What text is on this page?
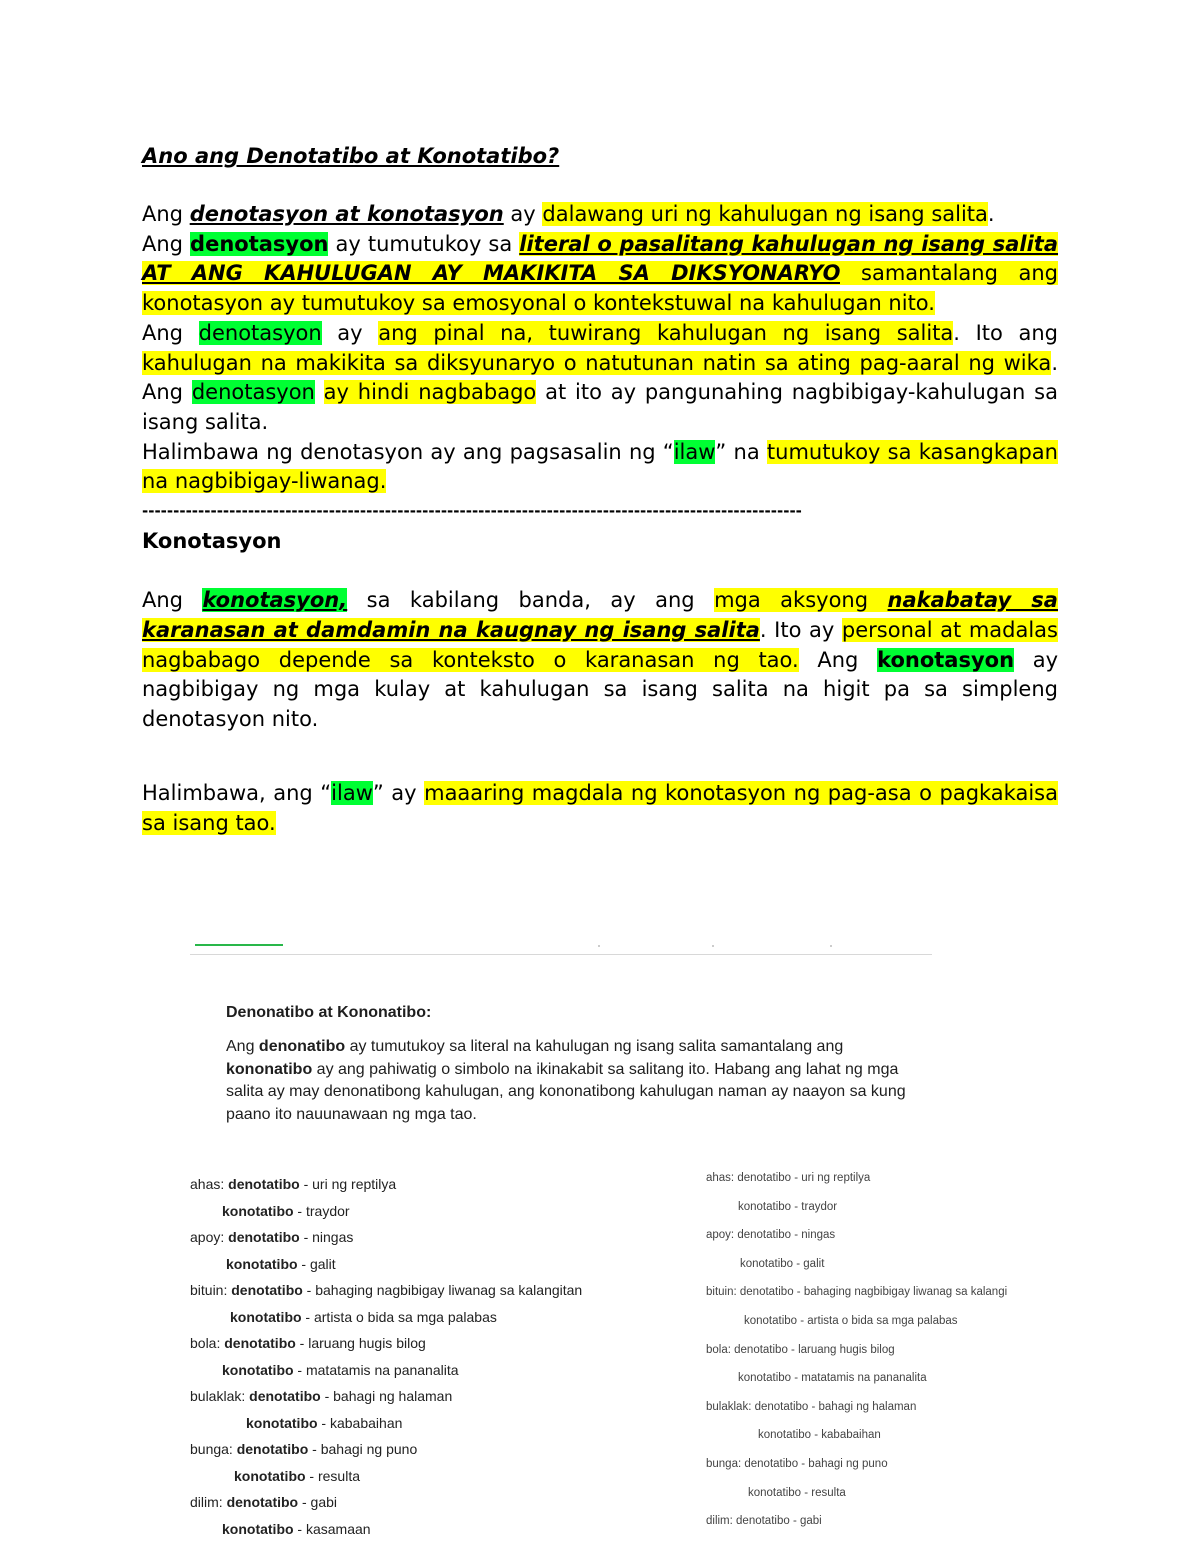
Ano ang Denotatibo at Konotatibo?

Ang denotasyon at konotasyon ay dalawang uri ng kahulugan ng isang salita.

Ang denotasyon ay tumutukoy sa literal o pasalitang kahulugan ng isang salita AT ANG KAHULUGAN AY MAKIKITA SA DIKSYONARYO samantalang ang konotasyon ay tumutukoy sa emosyonal o kontekstuwal na kahulugan nito.

Ang denotasyon ay ang pinal na, tuwirang kahulugan ng isang salita. Ito ang kahulugan na makikita sa diksyunaryo o natutunan natin sa ating pag-aaral ng wika. Ang denotasyon ay hindi nagbabago at ito ay pangunahing nagbibigay-kahulugan sa isang salita.

Halimbawa ng denotasyon ay ang pagsasalin ng “ilaw” na tumutukoy sa kasangkapan na nagbibigay-liwanag.

----------------------------------------------------------------------------------------------------------
Konotasyon

Ang konotasyon, sa kabilang banda, ay ang mga aksyong nakabatay sa karanasan at damdamin na kaugnay ng isang salita. Ito ay personal at madalas nagbabago depende sa konteksto o karanasan ng tao. Ang konotasyon ay nagbibigay ng mga kulay at kahulugan sa isang salita na higit pa sa simpleng denotasyon nito.

Halimbawa, ang “ilaw” ay maaaring magdala ng konotasyon ng pag-asa o pagkakaisa sa isang tao.

Denonatibo at Kononatibo:
Ang denonatibo ay tumutukoy sa literal na kahulugan ng isang salita samantalang ang kononatibo ay ang pahiwatig o simbolo na ikinakabit sa salitang ito. Habang ang lahat ng mga salita ay may denonatibong kahulugan, ang kononatibong kahulugan naman ay naayon sa kung paano ito nauunawaan ng mga tao.
ahas: denotatibo - uri ng reptilya
konotatibo - traydor
apoy: denotatibo - ningas
konotatibo - galit
bituin: denotatibo - bahaging nagbibigay liwanag sa kalangitan
konotatibo - artista o bida sa mga palabas
bola: denotatibo - laruang hugis bilog
konotatibo - matatamis na pananalita
bulaklak: denotatibo - bahagi ng halaman
konotatibo - kababaihan
bunga: denotatibo - bahagi ng puno
konotatibo - resulta
dilim: denotatibo - gabi
konotatibo - kasamaan
ahas: denotatibo - uri ng reptilya
konotatibo - traydor
apoy: denotatibo - ningas
konotatibo - galit
bituin: denotatibo - bahaging nagbibigay liwanag sa kalangi
konotatibo - artista o bida sa mga palabas
bola: denotatibo - laruang hugis bilog
konotatibo - matatamis na pananalita
bulaklak: denotatibo - bahagi ng halaman
konotatibo - kababaihan
bunga: denotatibo - bahagi ng puno
konotatibo - resulta
dilim: denotatibo - gabi
